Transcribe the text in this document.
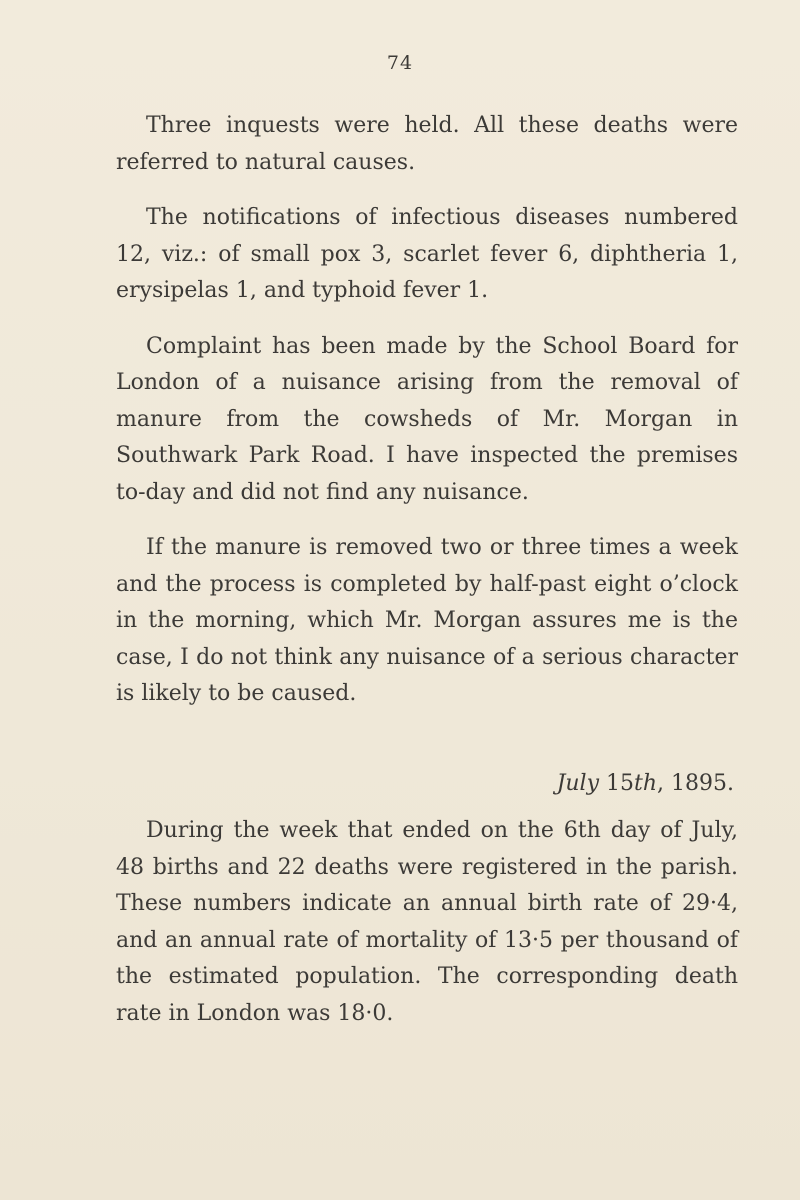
74

Three inquests were held. All these deaths were referred to natural causes.

The notifications of infectious diseases numbered 12, viz.: of small pox 3, scarlet fever 6, diphtheria 1, erysipelas 1, and typhoid fever 1.

Complaint has been made by the School Board for London of a nuisance arising from the removal of manure from the cowsheds of Mr. Morgan in Southwark Park Road. I have inspected the premises to-day and did not find any nuisance.

If the manure is removed two or three times a week and the process is completed by half-past eight o’clock in the morning, which Mr. Morgan assures me is the case, I do not think any nuisance of a serious character is likely to be caused.

July 15th, 1895.

During the week that ended on the 6th day of July, 48 births and 22 deaths were registered in the parish. These numbers indicate an annual birth rate of 29·4, and an annual rate of mortality of 13·5 per thousand of the estimated population. The corresponding death rate in London was 18·0.
